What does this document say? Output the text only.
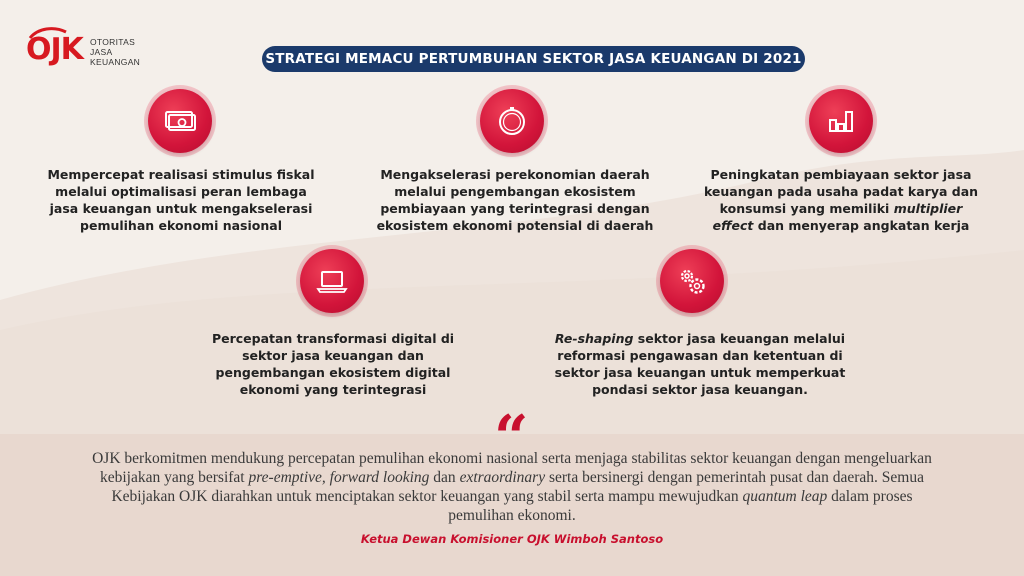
OJK OTORITAS
JASA
KEUANGAN	STRATEGI MEMACU PERTUMBUHAN SEKTOR JASA KEUANGAN DI 2021
Mempercepat realisasi stimulus fiskal
melalui optimalisasi peran lembaga
jasa keuangan untuk mengakselerasi
pemulihan ekonomi nasional
Mengakselerasi perekonomian daerah
melalui pengembangan ekosistem
pembiayaan yang terintegrasi dengan
ekosistem ekonomi potensial di daerah
Peningkatan pembiayaan sektor jasa
keuangan pada usaha padat karya dan
konsumsi yang memiliki multiplier
effect dan menyerap angkatan kerja
Percepatan transformasi digital di
sektor jasa keuangan dan
pengembangan ekosistem digital
ekonomi yang terintegrasi
Re-shaping sektor jasa keuangan melalui
reformasi pengawasan dan ketentuan di
sektor jasa keuangan untuk memperkuat
pondasi sektor jasa keuangan.
“
OJK berkomitmen mendukung percepatan pemulihan ekonomi nasional serta menjaga stabilitas sektor keuangan dengan mengeluarkan kebijakan yang bersifat pre-emptive, forward looking dan extraordinary serta bersinergi dengan pemerintah pusat dan daerah. Semua Kebijakan OJK diarahkan untuk menciptakan sektor keuangan yang stabil serta mampu mewujudkan quantum leap dalam proses pemulihan ekonomi.
Ketua Dewan Komisioner OJK Wimboh Santoso
